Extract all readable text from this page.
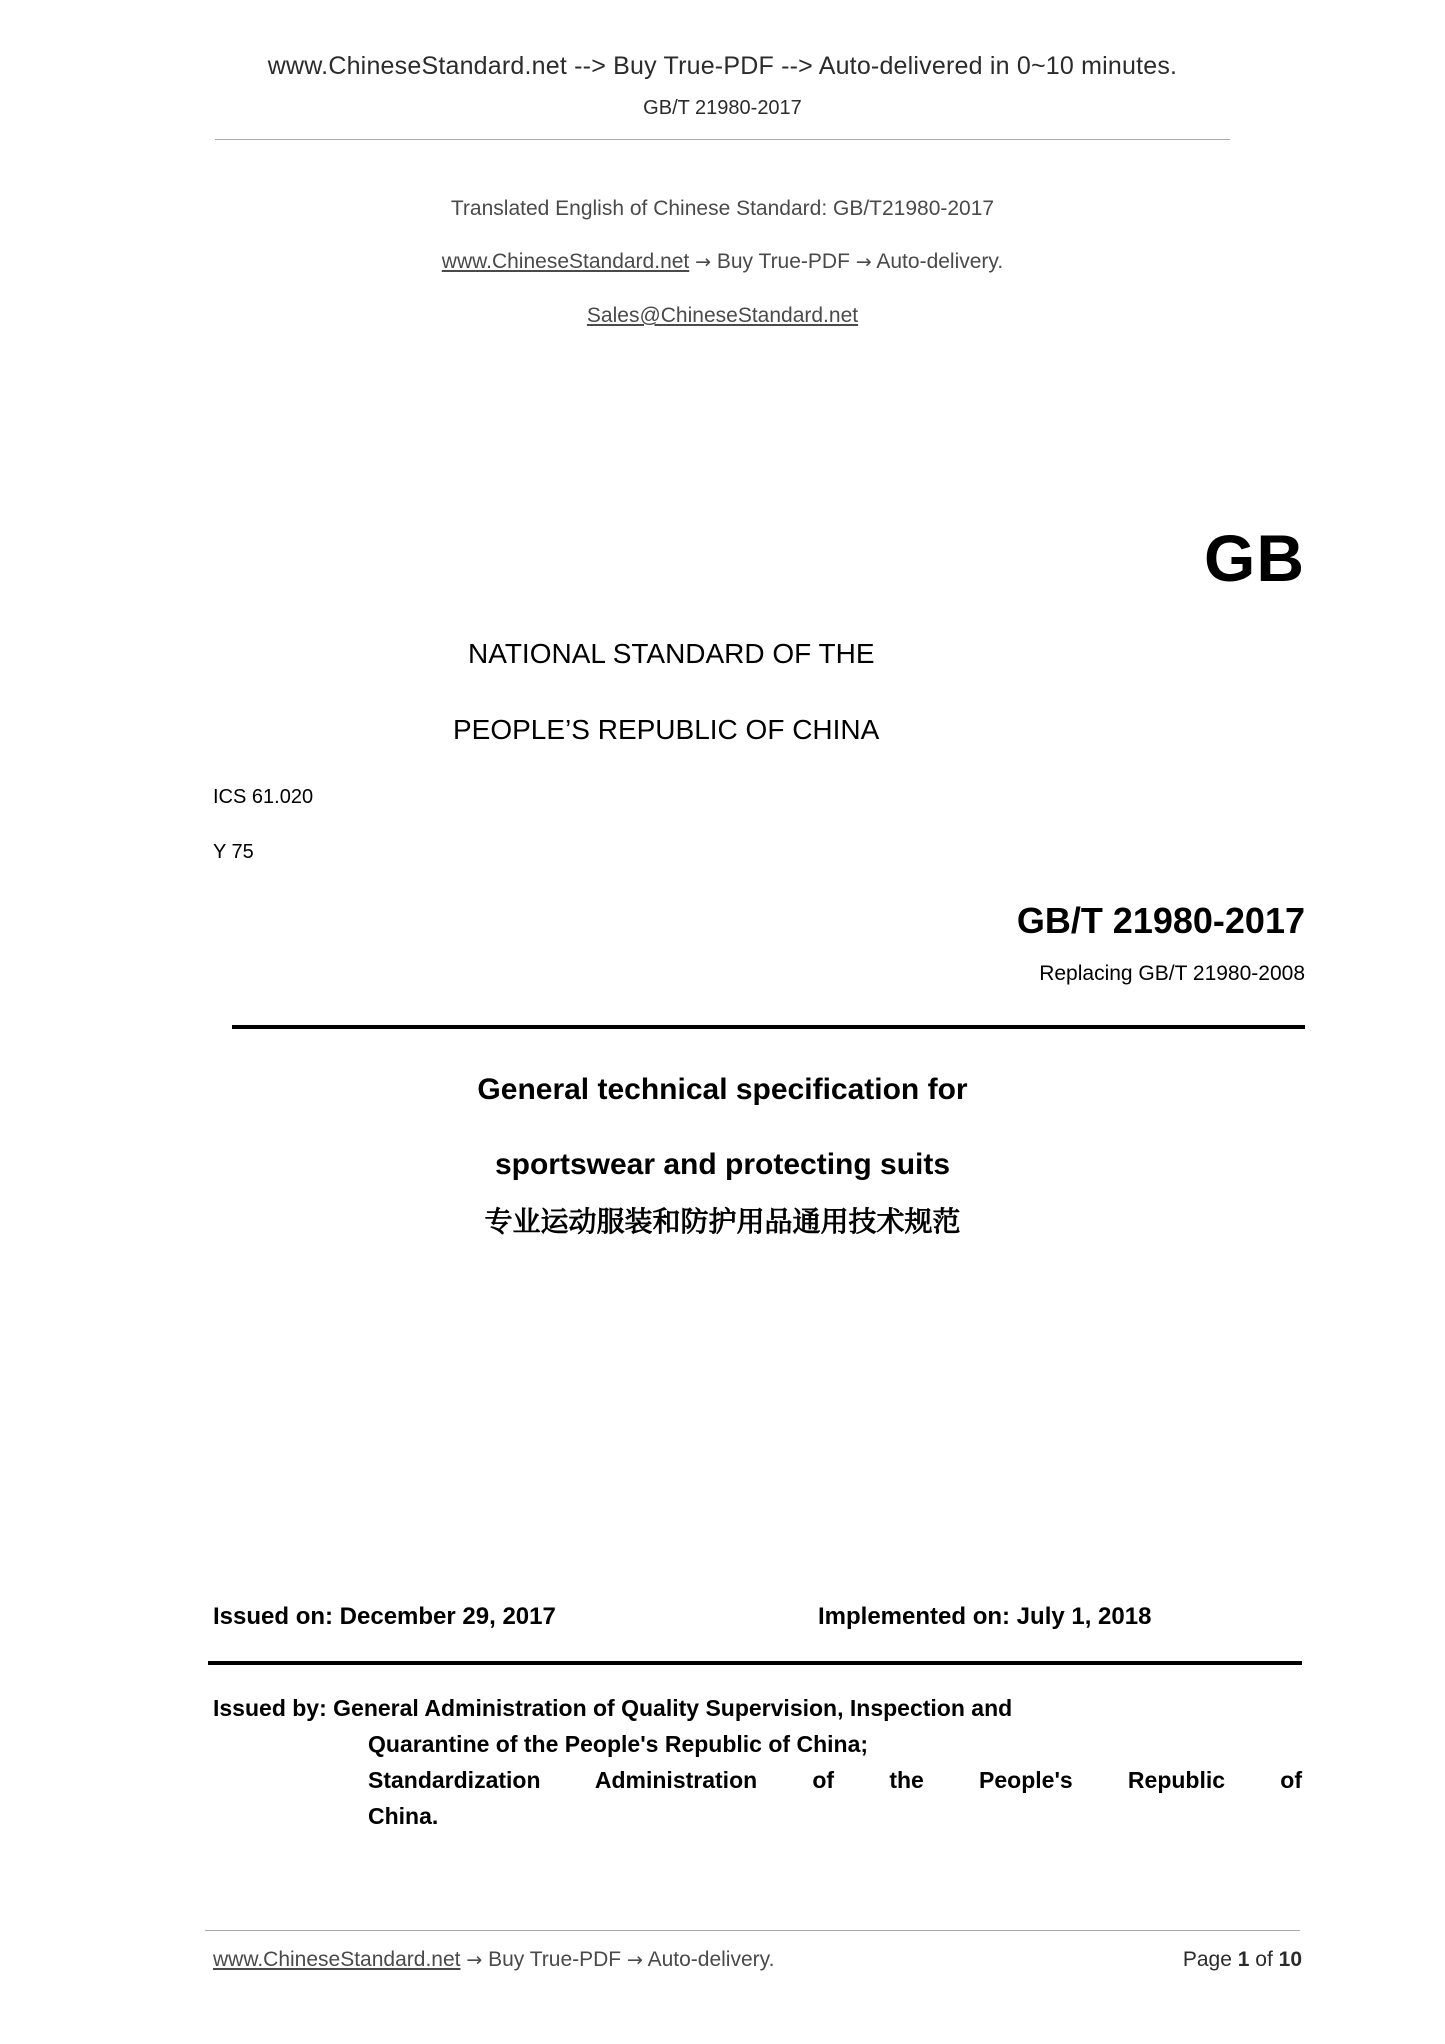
www.ChineseStandard.net --> Buy True-PDF --> Auto-delivered in 0~10 minutes.
GB/T 21980-2017
Translated English of Chinese Standard: GB/T21980-2017
www.ChineseStandard.net → Buy True-PDF → Auto-delivery.
Sales@ChineseStandard.net
GB
NATIONAL STANDARD OF THE
PEOPLE’S REPUBLIC OF CHINA
ICS 61.020
Y 75
GB/T 21980-2017
Replacing GB/T 21980-2008
General technical specification for
sportswear and protecting suits
专业运动服装和防护用品通用技术规范
Issued on: December 29, 2017	Implemented on: July 1, 2018
Issued by: General Administration of Quality Supervision, Inspection and
Quarantine of the People's Republic of China;
Standardization Administration of the People's Republic of
China.
www.ChineseStandard.net → Buy True-PDF → Auto-delivery.	Page 1 of 10
